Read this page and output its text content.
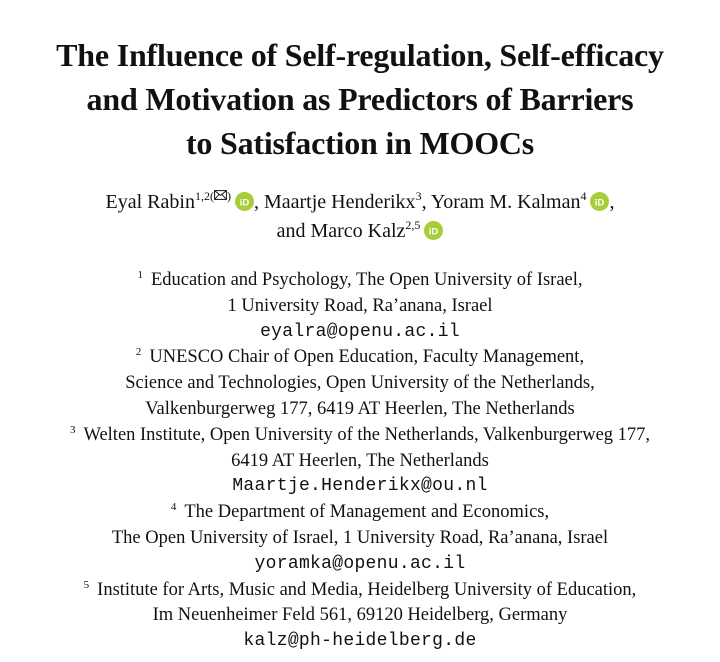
The Influence of Self-regulation, Self-efficacy
and Motivation as Predictors of Barriers
to Satisfaction in MOOCs
Eyal Rabin$^{1,2( )}$ iD , Maartje Henderikx$^3$, Yoram M. Kalman$^4$ iD ,
and Marco Kalz$^{2,5}$ iD
$^1$ Education and Psychology, The Open University of Israel,
1 University Road, Ra’anana, Israel
eyalra@openu.ac.il
$^2$ UNESCO Chair of Open Education, Faculty Management,
Science and Technologies, Open University of the Netherlands,
Valkenburgerweg 177, 6419 AT Heerlen, The Netherlands
$^3$ Welten Institute, Open University of the Netherlands, Valkenburgerweg 177,
6419 AT Heerlen, The Netherlands
Maartje.Henderikx@ou.nl
$^4$ The Department of Management and Economics,
The Open University of Israel, 1 University Road, Ra’anana, Israel
yoramka@openu.ac.il
$^5$ Institute for Arts, Music and Media, Heidelberg University of Education,
Im Neuenheimer Feld 561, 69120 Heidelberg, Germany
kalz@ph-heidelberg.de
